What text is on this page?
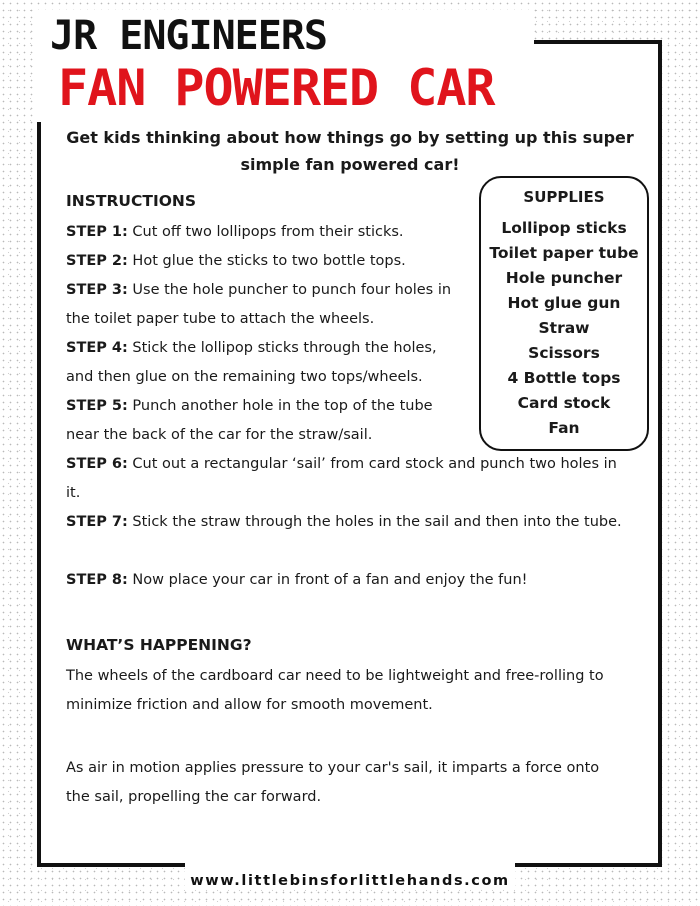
JR ENGINEERS
FAN POWERED CAR

Get kids thinking about how things go by setting up this super simple fan powered car!

SUPPLIES
Lollipop sticks
Toilet paper tube
Hole puncher
Hot glue gun
Straw
Scissors
4 Bottle tops
Card stock
Fan
INSTRUCTIONS
STEP 1: Cut off two lollipops from their sticks.
STEP 2: Hot glue the sticks to two bottle tops.
STEP 3: Use the hole puncher to punch four holes in the toilet paper tube to attach the wheels.
STEP 4: Stick the lollipop sticks through the holes, and then glue on the remaining two tops/wheels.
STEP 5: Punch another hole in the top of the tube near the back of the car for the straw/sail.
STEP 6: Cut out a rectangular ‘sail’ from card stock and punch two holes in it.
STEP 7: Stick the straw through the holes in the sail and then into the tube.
STEP 8: Now place your car in front of a fan and enjoy the fun!
WHAT’S HAPPENING?

The wheels of the cardboard car need to be lightweight and free-rolling to minimize friction and allow for smooth movement.

As air in motion applies pressure to your car's sail, it imparts a force onto the sail, propelling the car forward.

www.littlebinsforlittlehands.com
